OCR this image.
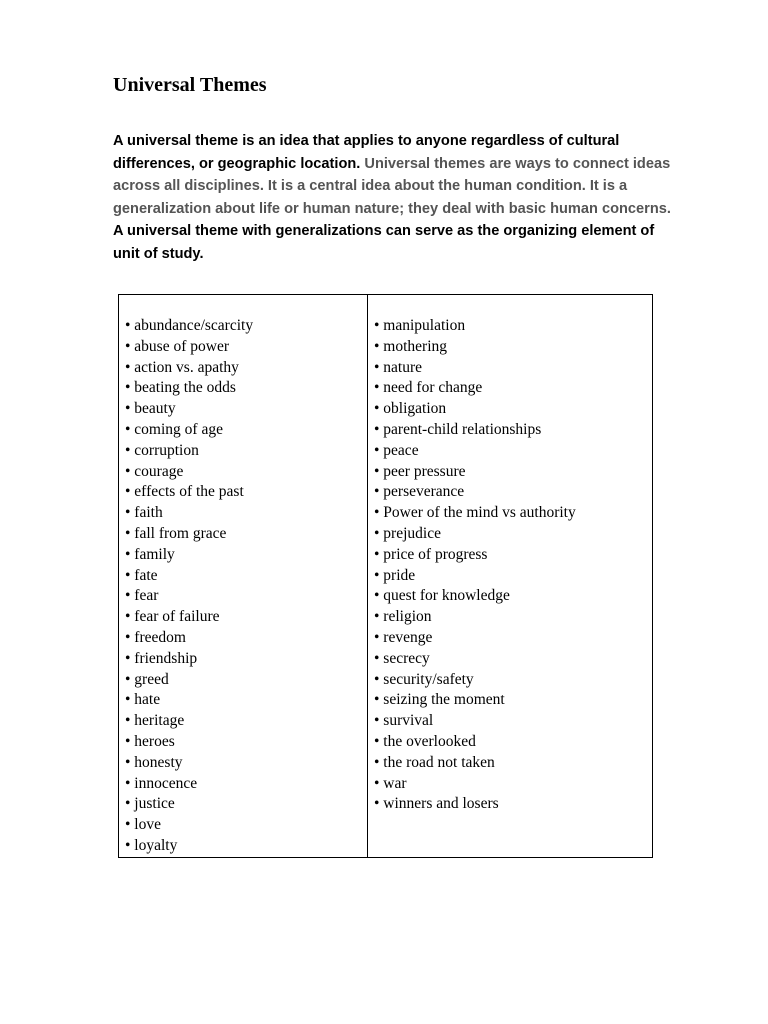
Universal Themes

A universal theme is an idea that applies to anyone regardless of cultural differences, or geographic location. Universal themes are ways to connect ideas across all disciplines. It is a central idea about the human condition. It is a generalization about life or human nature; they deal with basic human concerns. A universal theme with generalizations can serve as the organizing element of unit of study.

• abundance/scarcity
• abuse of power
• action vs. apathy
• beating the odds
• beauty
• coming of age
• corruption
• courage
• effects of the past
• faith
• fall from grace
• family
• fate
• fear
• fear of failure
• freedom
• friendship
• greed
• hate
• heritage
• heroes
• honesty
• innocence
• justice
• love
• loyalty

• manipulation
• mothering
• nature
• need for change
• obligation
• parent-child relationships
• peace
• peer pressure
• perseverance
• Power of the mind vs authority
• prejudice
• price of progress
• pride
• quest for knowledge
• religion
• revenge
• secrecy
• security/safety
• seizing the moment
• survival
• the overlooked
• the road not taken
• war
• winners and losers
